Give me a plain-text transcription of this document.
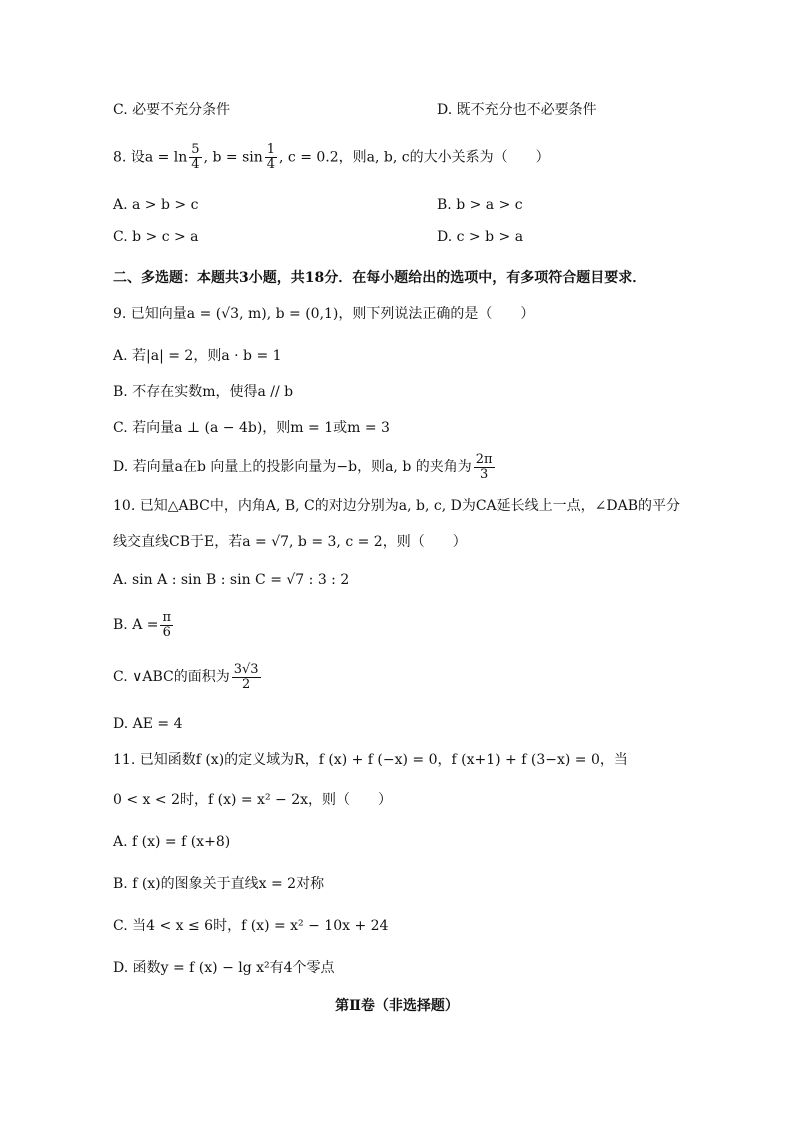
C. 必要不充分条件	D. 既不充分也不必要条件
8. 设$a = \ln \frac{5}{4}$ , $b = \sin \frac{1}{4}$ , c = 0.2，则a, b, c的大小关系为（　　）
A. a > b > c	B. b > a > c
C. b > c > a	D. c > b > a
二、多选题：本题共3小题，共18分．在每小题给出的选项中，有多项符合题目要求．
9. 已知向量a = (√3, m), b = (0,1)，则下列说法正确的是（　　）
A. 若|a| = 2，则a · b = 1
B. 不存在实数m，使得a // b
C. 若向量a ⊥ (a − 4b)，则m = 1或m = 3
D. 若向量a在b 向量上的投影向量为−b，则a, b 的夹角为 $\frac{2\pi}{3}$
10. 已知△ABC中，内角A, B, C的对边分别为a, b, c, D为CA延长线上一点，∠DAB的平分
线交直线CB于E，若a = √7, b = 3, c = 2，则（　　）
A. sin A : sin B : sin C = √7 : 3 : 2
B. $A = \frac{\pi}{6}$
C. ∨ABC的面积为 $\frac{3√3}{2}$
D. AE = 4
11. 已知函数f (x)的定义域为R，f (x) + f (−x) = 0，f (x+1) + f (3−x) = 0，当
0 < x < 2时，f (x) = x² − 2x，则（　　）
A. f (x) = f (x+8)
B. f (x)的图象关于直线x = 2对称
C. 当4 < x ≤ 6时，f (x) = x² − 10x + 24
D. 函数y = f (x) − lg x²有4个零点
第Ⅱ卷（非选择题）
